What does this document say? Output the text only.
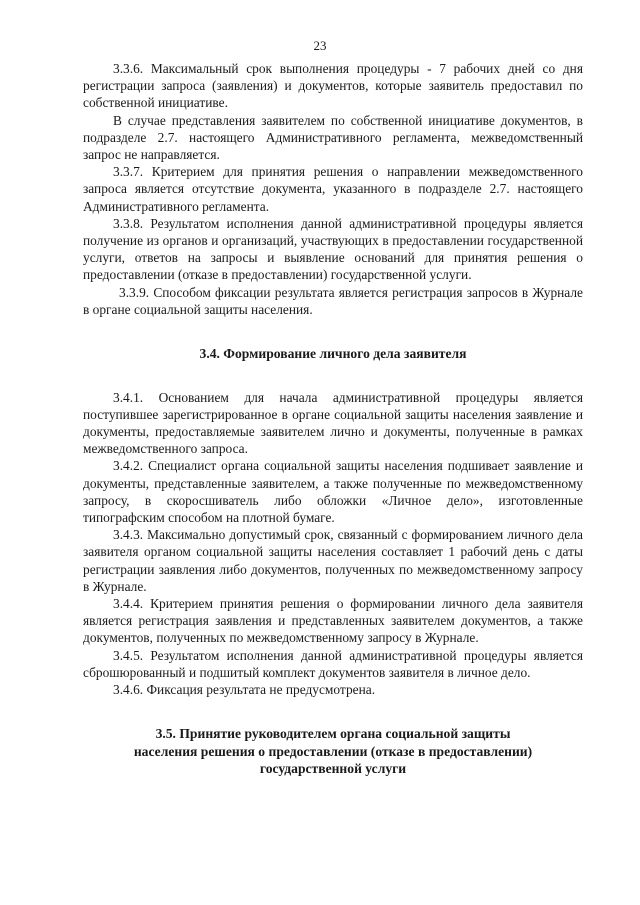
23

3.3.6. Максимальный срок выполнения процедуры - 7 рабочих дней со дня регистрации запроса (заявления) и документов, которые заявитель предоставил по собственной инициативе.

В случае представления заявителем по собственной инициативе документов, в подразделе 2.7. настоящего Административного регламента, межведомственный запрос не направляется.

3.3.7. Критерием для принятия решения о направлении межведомственного запроса является отсутствие документа, указанного в подразделе 2.7. настоящего Административного регламента.

3.3.8. Результатом исполнения данной административной процедуры является получение из органов и организаций, участвующих в предоставлении государственной услуги, ответов на запросы и выявление оснований для принятия решения о предоставлении (отказе в предоставлении) государственной услуги.

3.3.9. Способом фиксации результата является регистрация запросов в Журнале в органе социальной защиты населения.

3.4. Формирование личного дела заявителя

3.4.1. Основанием для начала административной процедуры является поступившее зарегистрированное в органе социальной защиты населения заявление и документы, предоставляемые заявителем лично и документы, полученные в рамках межведомственного запроса.

3.4.2. Специалист органа социальной защиты населения подшивает заявление и документы, представленные заявителем, а также полученные по межведомственному запросу, в скоросшиватель либо обложки «Личное дело», изготовленные типографским способом на плотной бумаге.

3.4.3. Максимально допустимый срок, связанный с формированием личного дела заявителя органом социальной защиты населения составляет 1 рабочий день с даты регистрации заявления либо документов, полученных по межведомственному запросу в Журнале.

3.4.4. Критерием принятия решения о формировании личного дела заявителя является регистрация заявления и представленных заявителем документов, а также документов, полученных по межведомственному запросу в Журнале.

3.4.5. Результатом исполнения данной административной процедуры является сброшюрованный и подшитый комплект документов заявителя в личное дело.

3.4.6. Фиксация результата не предусмотрена.

3.5. Принятие руководителем органа социальной защиты
населения решения о предоставлении (отказе в предоставлении)
государственной услуги
